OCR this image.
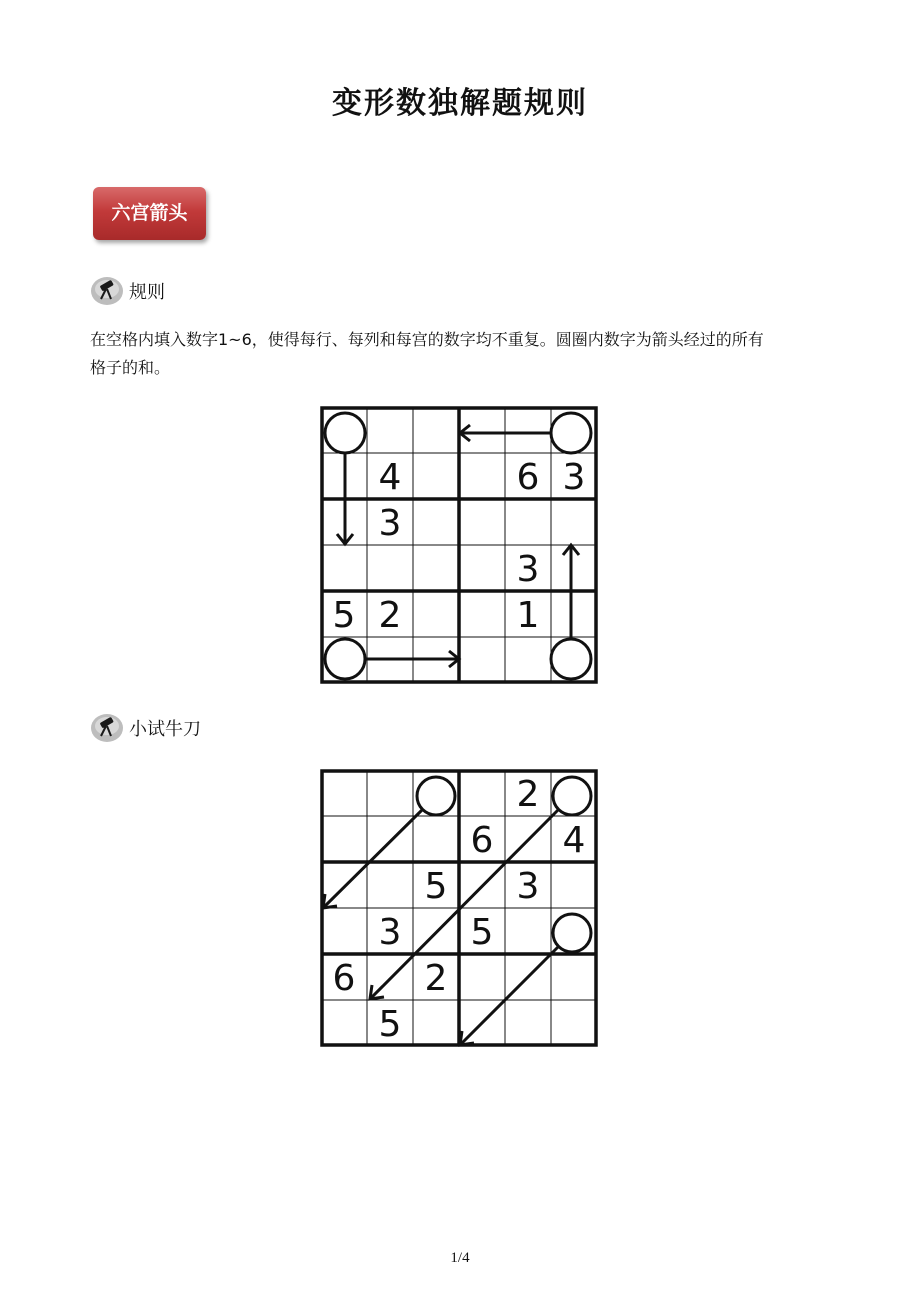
变形数独解题规则
六宫箭头
规则
在空格内填入数字1~6，使得每行、每列和每宫的数字均不重复。圆圈内数字为箭头经过的所有
格子的和。
4	6 3
3
3
5 2	1
小试牛刀
2
6 4
5 3
3 5
6 2
5
1/4
